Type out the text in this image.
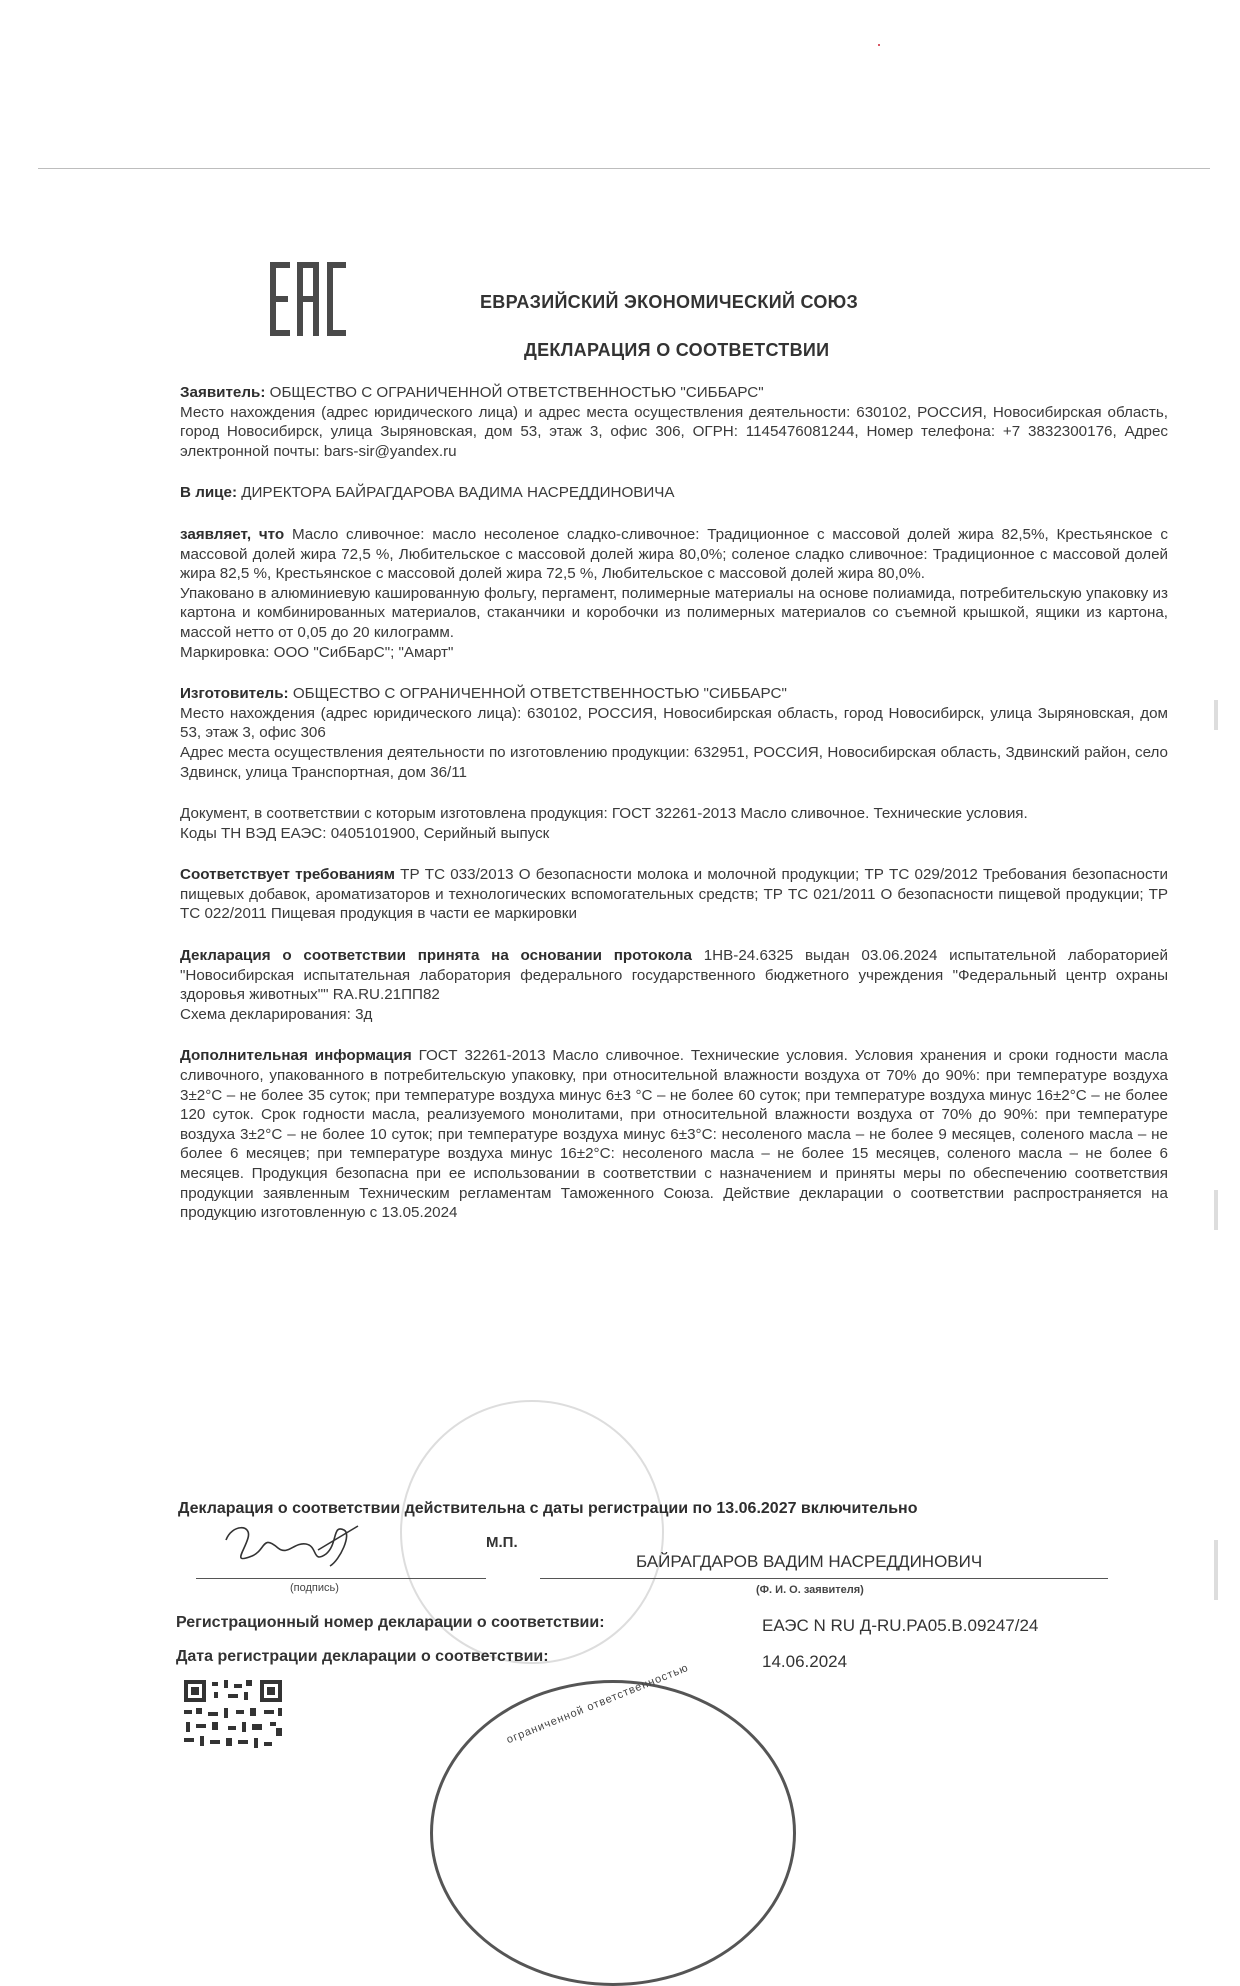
ЕВРАЗИЙСКИЙ ЭКОНОМИЧЕСКИЙ СОЮЗ
ДЕКЛАРАЦИЯ О СООТВЕТСТВИИ

Заявитель: ОБЩЕСТВО С ОГРАНИЧЕННОЙ ОТВЕТСТВЕННОСТЬЮ "СИББАРС"

Место нахождения (адрес юридического лица) и адрес места осуществления деятельности: 630102, РОССИЯ, Новосибирская область, город Новосибирск, улица Зыряновская, дом 53, этаж 3, офис 306, ОГРН: 1145476081244, Номер телефона: +7 3832300176, Адрес электронной почты: bars-sir@yandex.ru

В лице: ДИРЕКТОРА БАЙРАГДАРОВА ВАДИМА НАСРЕДДИНОВИЧА

заявляет, что Масло сливочное: масло несоленое сладко-сливочное: Традиционное с массовой долей жира 82,5%, Крестьянское с массовой долей жира 72,5 %, Любительское с массовой долей жира 80,0%; соленое сладко сливочное: Традиционное с массовой долей жира 82,5 %, Крестьянское с массовой долей жира 72,5 %, Любительское с массовой долей жира 80,0%.

Упаковано в алюминиевую кашированную фольгу, пергамент, полимерные материалы на основе полиамида, потребительскую упаковку из картона и комбинированных материалов, стаканчики и коробочки из полимерных материалов со съемной крышкой, ящики из картона, массой нетто от 0,05 до 20 килограмм.

Маркировка: ООО "СибБарС"; "Амарт"

Изготовитель: ОБЩЕСТВО С ОГРАНИЧЕННОЙ ОТВЕТСТВЕННОСТЬЮ "СИББАРС"

Место нахождения (адрес юридического лица): 630102, РОССИЯ, Новосибирская область, город Новосибирск, улица Зыряновская, дом 53, этаж 3, офис 306

Адрес места осуществления деятельности по изготовлению продукции: 632951, РОССИЯ, Новосибирская область, Здвинский район, село Здвинск, улица Транспортная, дом 36/11

Документ, в соответствии с которым изготовлена продукция: ГОСТ 32261-2013 Масло сливочное. Технические условия.

Коды ТН ВЭД ЕАЭС: 0405101900, Серийный выпуск

Соответствует требованиям ТР ТС 033/2013 О безопасности молока и молочной продукции; ТР ТС 029/2012 Требования безопасности пищевых добавок, ароматизаторов и технологических вспомогательных средств; ТР ТС 021/2011 О безопасности пищевой продукции; ТР ТС 022/2011 Пищевая продукция в части ее маркировки

Декларация о соответствии принята на основании протокола 1НВ-24.6325 выдан 03.06.2024 испытательной лабораторией "Новосибирская испытательная лаборатория федерального государственного бюджетного учреждения "Федеральный центр охраны здоровья животных"" RA.RU.21ПП82

Схема декларирования: 3д

Дополнительная информация ГОСТ 32261-2013 Масло сливочное. Технические условия. Условия хранения и сроки годности масла сливочного, упакованного в потребительскую упаковку, при относительной влажности воздуха от 70% до 90%: при температуре воздуха 3±2°С – не более 35 суток; при температуре воздуха минус 6±3 °С – не более 60 суток; при температуре воздуха минус 16±2°С – не более 120 суток. Срок годности масла, реализуемого монолитами, при относительной влажности воздуха от 70% до 90%: при температуре воздуха 3±2°С – не более 10 суток; при температуре воздуха минус 6±3°С: несоленого масла – не более 9 месяцев, соленого масла – не более 6 месяцев; при температуре воздуха минус 16±2°С: несоленого масла – не более 15 месяцев, соленого масла – не более 6 месяцев. Продукция безопасна при ее использовании в соответствии с назначением и приняты меры по обеспечению соответствия продукции заявленным Техническим регламентам Таможенного Союза. Действие декларации о соответствии распространяется на продукцию изготовленную с 13.05.2024

Декларация о соответствии действительна с даты регистрации по 13.06.2027 включительно
М.П.
(подпись)
БАЙРАГДАРОВ ВАДИМ НАСРЕДДИНОВИЧ
(Ф. И. О. заявителя)
Регистрационный номер декларации о соответствии:	ЕАЭС N RU Д-RU.РА05.В.09247/24
Дата регистрации декларации о соответствии:	14.06.2024
ограниченной ответственностью
